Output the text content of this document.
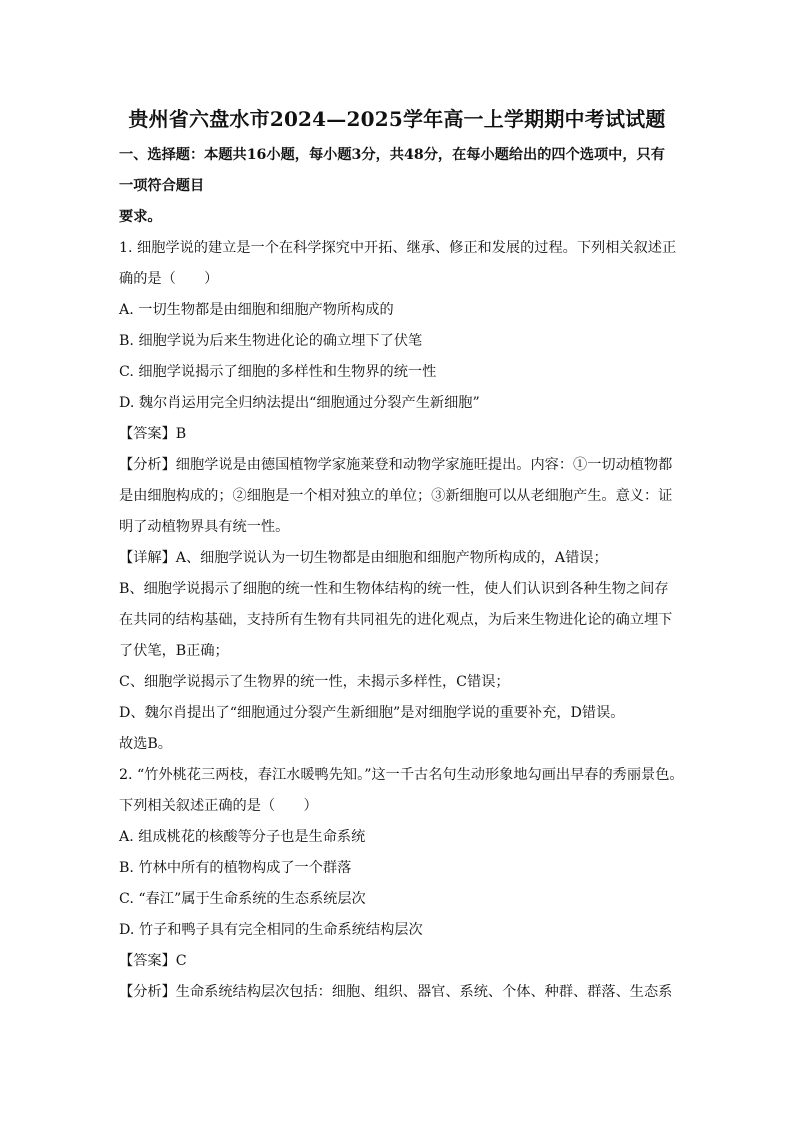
贵州省六盘水市2024—2025学年高一上学期期中考试试题
一、选择题：本题共16小题，每小题3分，共48分，在每小题给出的四个选项中，只有
一项符合题目
要求。
1. 细胞学说的建立是一个在科学探究中开拓、继承、修正和发展的过程。下列相关叙述正
确的是（　　）
A. 一切生物都是由细胞和细胞产物所构成的
B. 细胞学说为后来生物进化论的确立埋下了伏笔
C. 细胞学说揭示了细胞的多样性和生物界的统一性
D. 魏尔肖运用完全归纳法提出“细胞通过分裂产生新细胞”
【答案】B
【分析】细胞学说是由德国植物学家施莱登和动物学家施旺提出。内容：①一切动植物都
是由细胞构成的；②细胞是一个相对独立的单位；③新细胞可以从老细胞产生。意义：证
明了动植物界具有统一性。
【详解】A、细胞学说认为一切生物都是由细胞和细胞产物所构成的，A错误；
B、细胞学说揭示了细胞的统一性和生物体结构的统一性，使人们认识到各种生物之间存
在共同的结构基础，支持所有生物有共同祖先的进化观点，为后来生物进化论的确立埋下
了伏笔，B正确；
C、细胞学说揭示了生物界的统一性，未揭示多样性，C错误；
D、魏尔肖提出了“细胞通过分裂产生新细胞”是对细胞学说的重要补充，D错误。
故选B。
2. “竹外桃花三两枝，春江水暖鸭先知。”这一千古名句生动形象地勾画出早春的秀丽景色。
下列相关叙述正确的是（　　）
A. 组成桃花的核酸等分子也是生命系统
B. 竹林中所有的植物构成了一个群落
C. “春江”属于生命系统的生态系统层次
D. 竹子和鸭子具有完全相同的生命系统结构层次
【答案】C
【分析】生命系统结构层次包括：细胞、组织、器官、系统、个体、种群、群落、生态系
